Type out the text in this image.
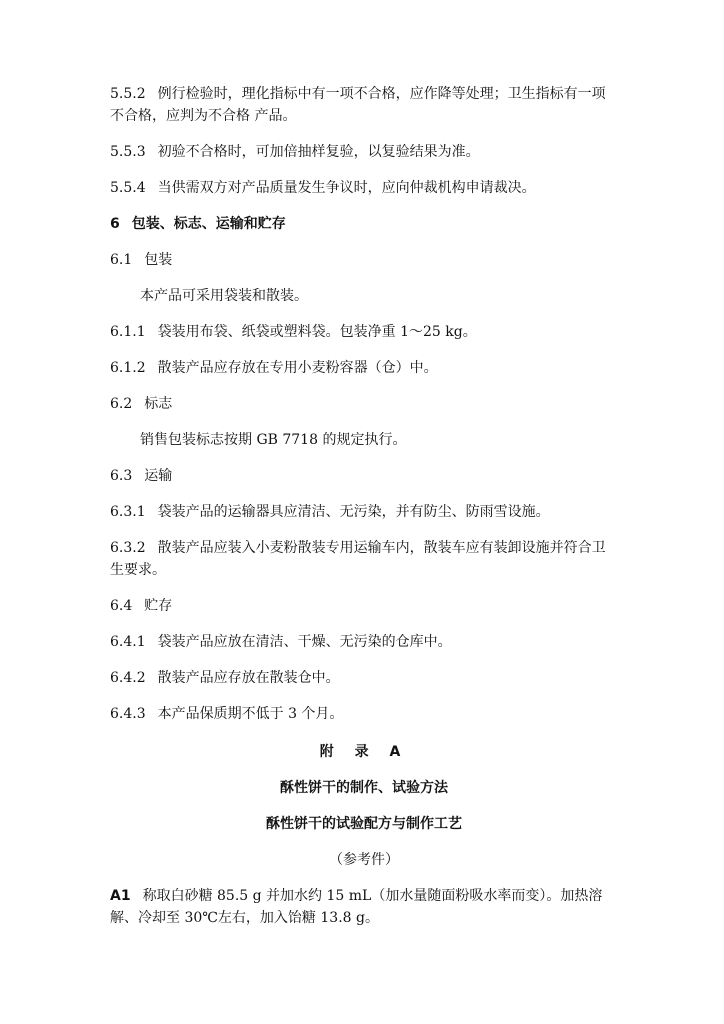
5.5.2 例行检验时，理化指标中有一项不合格，应作降等处理；卫生指标有一项不合格，应判为不合格 产品。

5.5.3 初验不合格时，可加倍抽样复验，以复验结果为准。

5.5.4 当供需双方对产品质量发生争议时，应向仲裁机构申请裁决。

6 包装、标志、运输和贮存

6.1 包装

本产品可采用袋装和散装。

6.1.1 袋装用布袋、纸袋或塑料袋。包装净重 1～25 kg。

6.1.2 散装产品应存放在专用小麦粉容器（仓）中。

6.2 标志

销售包装标志按期 GB 7718 的规定执行。

6.3 运输

6.3.1 袋装产品的运输器具应清洁、无污染，并有防尘、防雨雪设施。

6.3.2 散装产品应装入小麦粉散装专用运输车内，散装车应有装卸设施并符合卫生要求。

6.4 贮存

6.4.1 袋装产品应放在清洁、干燥、无污染的仓库中。

6.4.2 散装产品应存放在散装仓中。

6.4.3 本产品保质期不低于 3 个月。

附 录 A

酥性饼干的制作、试验方法

酥性饼干的试验配方与制作工艺

（参考件）

A1 称取白砂糖 85.5 g 并加水约 15 mL（加水量随面粉吸水率而变）。加热溶解、冷却至 30℃左右，加入饴糖 13.8 g。
